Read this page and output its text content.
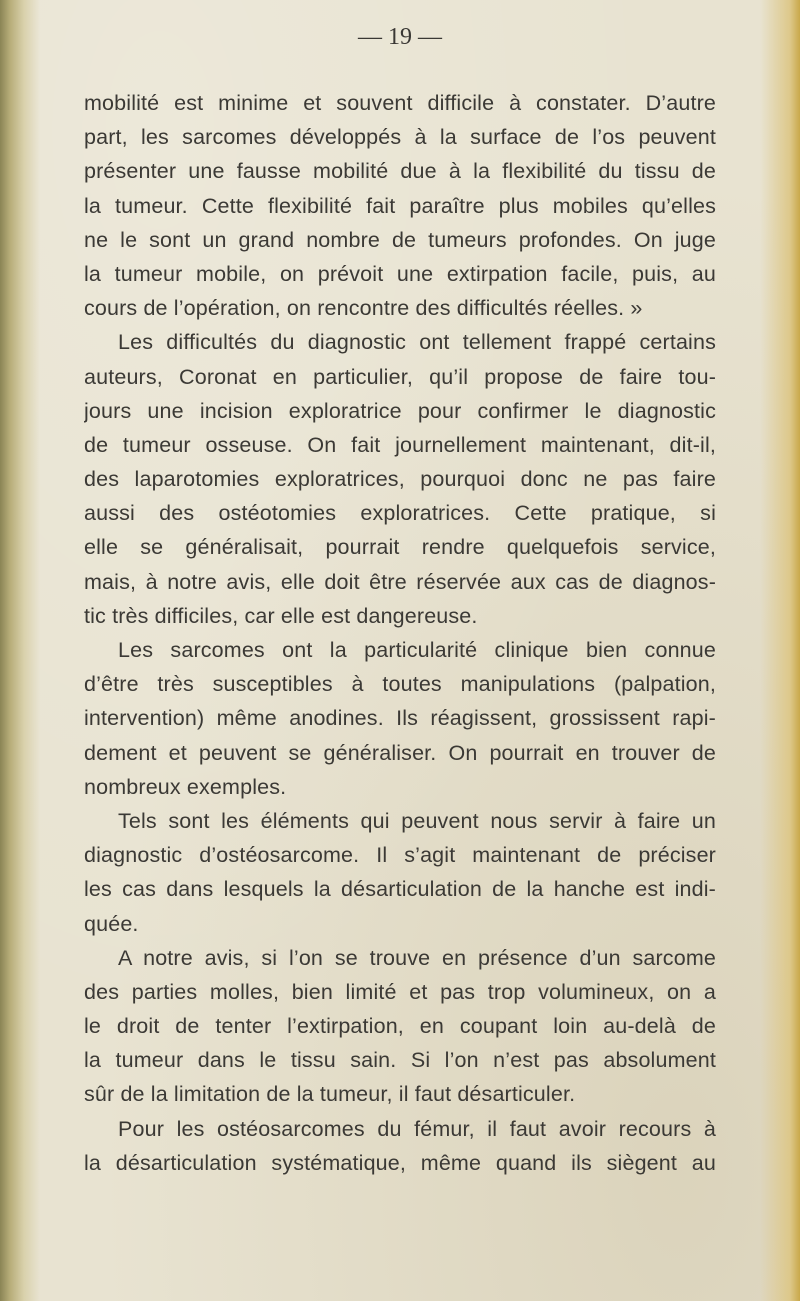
— 19 —
mobilité est minime et souvent difficile à constater. D’autre
part, les sarcomes développés à la surface de l’os peuvent
présenter une fausse mobilité due à la flexibilité du tissu de
la tumeur. Cette flexibilité fait paraître plus mobiles qu’elles
ne le sont un grand nombre de tumeurs profondes. On juge
la tumeur mobile, on prévoit une extirpation facile, puis, au
cours de l’opération, on rencontre des difficultés réelles. »
Les difficultés du diagnostic ont tellement frappé certains
auteurs, Coronat en particulier, qu’il propose de faire tou-
jours une incision exploratrice pour confirmer le diagnostic
de tumeur osseuse. On fait journellement maintenant, dit-il,
des laparotomies exploratrices, pourquoi donc ne pas faire
aussi des ostéotomies exploratrices. Cette pratique, si
elle se généralisait, pourrait rendre quelquefois service,
mais, à notre avis, elle doit être réservée aux cas de diagnos-
tic très difficiles, car elle est dangereuse.
Les sarcomes ont la particularité clinique bien connue
d’être très susceptibles à toutes manipulations (palpation,
intervention) même anodines. Ils réagissent, grossissent rapi-
dement et peuvent se généraliser. On pourrait en trouver de
nombreux exemples.
Tels sont les éléments qui peuvent nous servir à faire un
diagnostic d’ostéosarcome. Il s’agit maintenant de préciser
les cas dans lesquels la désarticulation de la hanche est indi-
quée.
A notre avis, si l’on se trouve en présence d’un sarcome
des parties molles, bien limité et pas trop volumineux, on a
le droit de tenter l’extirpation, en coupant loin au-delà de
la tumeur dans le tissu sain. Si l’on n’est pas absolument
sûr de la limitation de la tumeur, il faut désarticuler.
Pour les ostéosarcomes du fémur, il faut avoir recours à
la désarticulation systématique, même quand ils siègent au
